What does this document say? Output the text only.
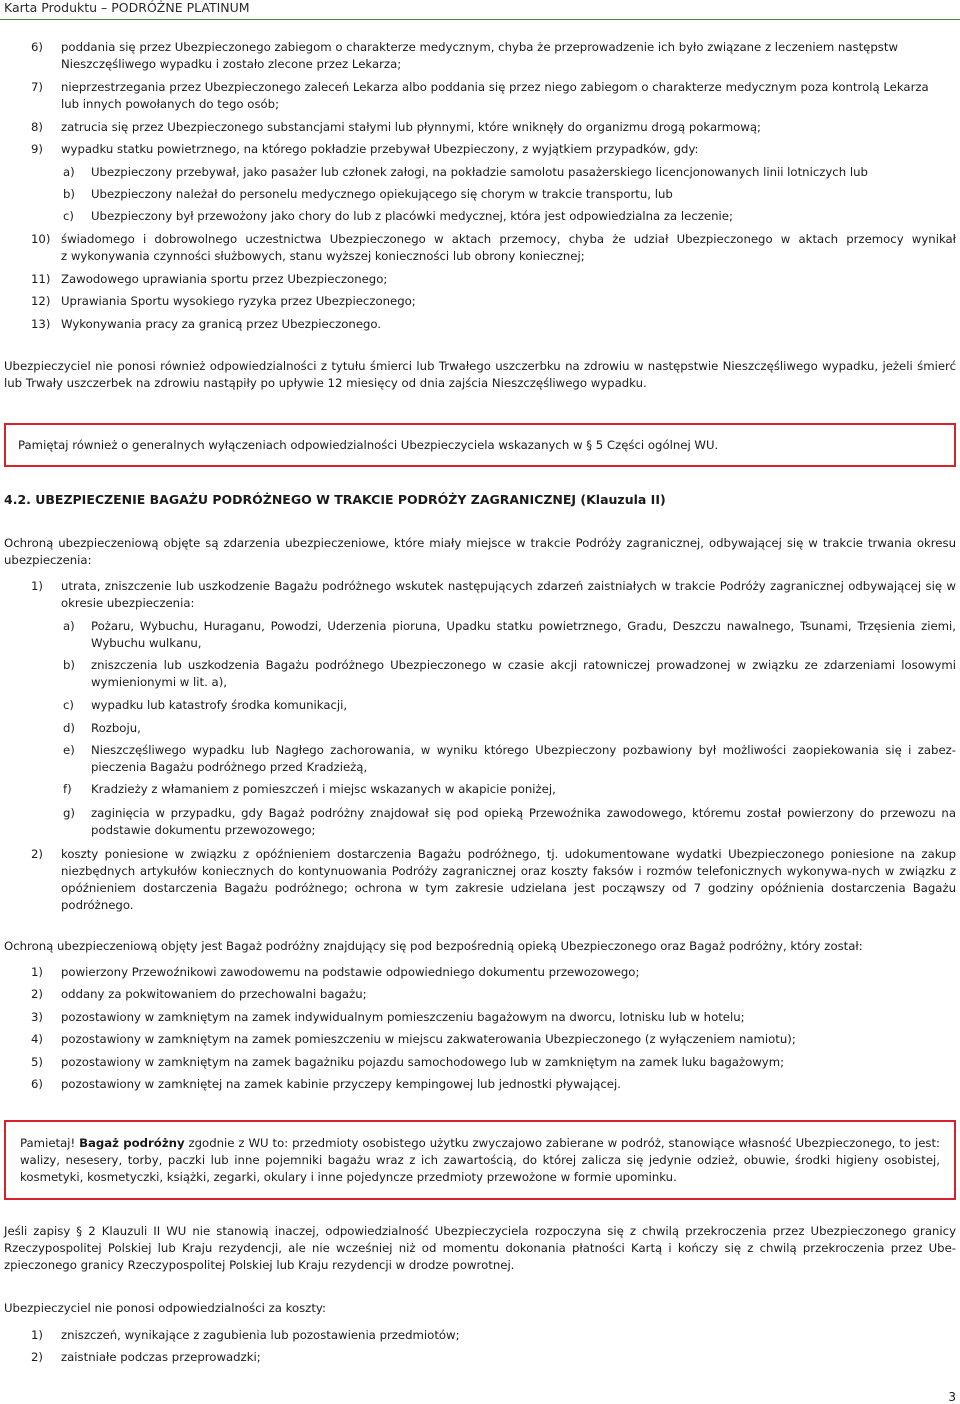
Karta Produktu – PODRÓŻNE PLATINUM
6) poddania się przez Ubezpieczonego zabiegom o charakterze medycznym, chyba że przeprowadzenie ich było związane z leczeniem następstw
Nieszczęśliwego wypadku i zostało zlecone przez Lekarza;
7) nieprzestrzegania przez Ubezpieczonego zaleceń Lekarza albo poddania się przez niego zabiegom o charakterze medycznym poza kontrolą Lekarza
lub innych powołanych do tego osób;
8) zatrucia się przez Ubezpieczonego substancjami stałymi lub płynnymi, które wniknęły do organizmu drogą pokarmową;
9) wypadku statku powietrznego, na którego pokładzie przebywał Ubezpieczony, z wyjątkiem przypadków, gdy:
a) Ubezpieczony przebywał, jako pasażer lub członek załogi, na pokładzie samolotu pasażerskiego licencjonowanych linii lotniczych lub
b) Ubezpieczony należał do personelu medycznego opiekującego się chorym w trakcie transportu, lub
c) Ubezpieczony był przewożony jako chory do lub z placówki medycznej, która jest odpowiedzialna za leczenie;
10) świadomego i dobrowolnego uczestnictwa Ubezpieczonego w aktach przemocy, chyba że udział Ubezpieczonego w aktach przemocy wynikał
z wykonywania czynności służbowych, stanu wyższej konieczności lub obrony koniecznej;
11) Zawodowego uprawiania sportu przez Ubezpieczonego;
12) Uprawiania Sportu wysokiego ryzyka przez Ubezpieczonego;
13) Wykonywania pracy za granicą przez Ubezpieczonego.
Ubezpieczyciel nie ponosi również odpowiedzialności z tytułu śmierci lub Trwałego uszczerbku na zdrowiu w następstwie Nieszczęśliwego wypadku, jeżeli śmierć lub Trwały uszczerbek na zdrowiu nastąpiły po upływie 12 miesięcy od dnia zajścia Nieszczęśliwego wypadku.
Pamiętaj również o generalnych wyłączeniach odpowiedzialności Ubezpieczyciela wskazanych w § 5 Części ogólnej WU.
4.2. UBEZPIECZENIE BAGAŻU PODRÓŻNEGO W TRAKCIE PODRÓŻY ZAGRANICZNEJ (Klauzula II)
Ochroną ubezpieczeniową objęte są zdarzenia ubezpieczeniowe, które miały miejsce w trakcie Podróży zagranicznej, odbywającej się w trakcie trwania okresu ubezpieczenia:
1) utrata, zniszczenie lub uszkodzenie Bagażu podróżnego wskutek następujących zdarzeń zaistniałych w trakcie Podróży zagranicznej odbywającej się w okresie ubezpieczenia:
a) Pożaru, Wybuchu, Huraganu, Powodzi, Uderzenia pioruna, Upadku statku powietrznego, Gradu, Deszczu nawalnego, Tsunami, Trzęsienia ziemi, Wybuchu wulkanu,
b) zniszczenia lub uszkodzenia Bagażu podróżnego Ubezpieczonego w czasie akcji ratowniczej prowadzonej w związku ze zdarzeniami losowymi wymienionymi w lit. a),
c) wypadku lub katastrofy środka komunikacji,
d) Rozboju,
e) Nieszczęśliwego wypadku lub Nagłego zachorowania, w wyniku którego Ubezpieczony pozbawiony był możliwości zaopiekowania się i zabez-pieczenia Bagażu podróżnego przed Kradzieżą,
f) Kradzieży z włamaniem z pomieszczeń i miejsc wskazanych w akapicie poniżej,
g) zaginięcia w przypadku, gdy Bagaż podróżny znajdował się pod opieką Przewoźnika zawodowego, któremu został powierzony do przewozu na podstawie dokumentu przewozowego;
2) koszty poniesione w związku z opóźnieniem dostarczenia Bagażu podróżnego, tj. udokumentowane wydatki Ubezpieczonego poniesione na zakup niezbędnych artykułów koniecznych do kontynuowania Podróży zagranicznej oraz koszty faksów i rozmów telefonicznych wykonywa-nych w związku z opóźnieniem dostarczenia Bagażu podróżnego; ochrona w tym zakresie udzielana jest począwszy od 7 godziny opóźnienia dostarczenia Bagażu podróżnego.
Ochroną ubezpieczeniową objęty jest Bagaż podróżny znajdujący się pod bezpośrednią opieką Ubezpieczonego oraz Bagaż podróżny, który został:
1) powierzony Przewoźnikowi zawodowemu na podstawie odpowiedniego dokumentu przewozowego;
2) oddany za pokwitowaniem do przechowalni bagażu;
3) pozostawiony w zamkniętym na zamek indywidualnym pomieszczeniu bagażowym na dworcu, lotnisku lub w hotelu;
4) pozostawiony w zamkniętym na zamek pomieszczeniu w miejscu zakwaterowania Ubezpieczonego (z wyłączeniem namiotu);
5) pozostawiony w zamkniętym na zamek bagażniku pojazdu samochodowego lub w zamkniętym na zamek luku bagażowym;
6) pozostawiony w zamkniętej na zamek kabinie przyczepy kempingowej lub jednostki pływającej.
Pamietaj! Bagaż podróżny zgodnie z WU to: przedmioty osobistego użytku zwyczajowo zabierane w podróż, stanowiące własność Ubezpieczonego, to jest: walizy, nesesery, torby, paczki lub inne pojemniki bagażu wraz z ich zawartością, do której zalicza się jedynie odzież, obuwie, środki higieny osobistej, kosmetyki, kosmetyczki, książki, zegarki, okulary i inne pojedyncze przedmioty przewożone w formie upominku.
Jeśli zapisy § 2 Klauzuli II WU nie stanowią inaczej, odpowiedzialność Ubezpieczyciela rozpoczyna się z chwilą przekroczenia przez Ubezpieczonego granicy Rzeczypospolitej Polskiej lub Kraju rezydencji, ale nie wcześniej niż od momentu dokonania płatności Kartą i kończy się z chwilą przekroczenia przez Ube-zpieczonego granicy Rzeczypospolitej Polskiej lub Kraju rezydencji w drodze powrotnej.
Ubezpieczyciel nie ponosi odpowiedzialności za koszty:
1) zniszczeń, wynikające z zagubienia lub pozostawienia przedmiotów;
2) zaistniałe podczas przeprowadzki;
3
